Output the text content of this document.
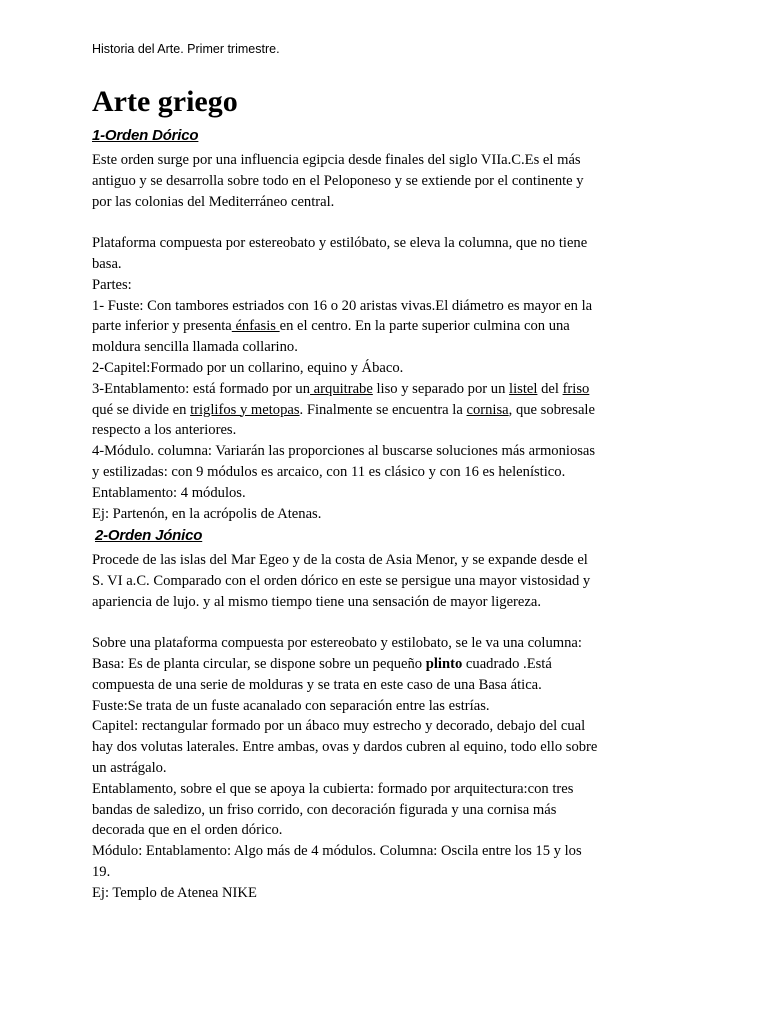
Historia del Arte. Primer trimestre.
Arte griego
1-Orden Dórico
Este orden surge por una influencia egipcia desde finales del siglo VIIa.C.Es el más
antiguo y se desarrolla sobre todo en el Peloponeso y se extiende por el continente y
por las colonias del Mediterráneo central.
Plataforma compuesta por estereobato y estilóbato, se eleva la columna, que no tiene
basa.
Partes:
1- Fuste: Con tambores estriados con 16 o 20 aristas vivas.El diámetro es mayor en la
parte inferior y presenta énfasis en el centro. En la parte superior culmina con una
moldura sencilla llamada collarino.
2-Capitel:Formado por un collarino, equino y Ábaco.
3-Entablamento: está formado por un arquitrabe liso y separado por un listel del friso
qué se divide en triglifos y metopas. Finalmente se encuentra la cornisa, que sobresale
respecto a los anteriores.
4-Módulo. columna: Variarán las proporciones al buscarse soluciones más armoniosas
y estilizadas: con 9 módulos es arcaico, con 11 es clásico y con 16 es helenístico.
Entablamento: 4 módulos.
Ej: Partenón, en la acrópolis de Atenas.
2-Orden Jónico
Procede de las islas del Mar Egeo y de la costa de Asia Menor, y se expande desde el
S. VI a.C. Comparado con el orden dórico en este se persigue una mayor vistosidad y
apariencia de lujo. y al mismo tiempo tiene una sensación de mayor ligereza.
Sobre una plataforma compuesta por estereobato y estilobato, se le va una columna:
Basa: Es de planta circular, se dispone sobre un pequeño plinto cuadrado .Está
compuesta de una serie de molduras y se trata en este caso de una Basa ática.
Fuste:Se trata de un fuste acanalado con separación entre las estrías.
Capitel: rectangular formado por un ábaco muy estrecho y decorado, debajo del cual
hay dos volutas laterales. Entre ambas, ovas y dardos cubren al equino, todo ello sobre
un astrágalo.
Entablamento, sobre el que se apoya la cubierta: formado por arquitectura:con tres
bandas de saledizo, un friso corrido, con decoración figurada y una cornisa más
decorada que en el orden dórico.
Módulo: Entablamento: Algo más de 4 módulos. Columna: Oscila entre los 15 y los
19.
Ej: Templo de Atenea NIKE
